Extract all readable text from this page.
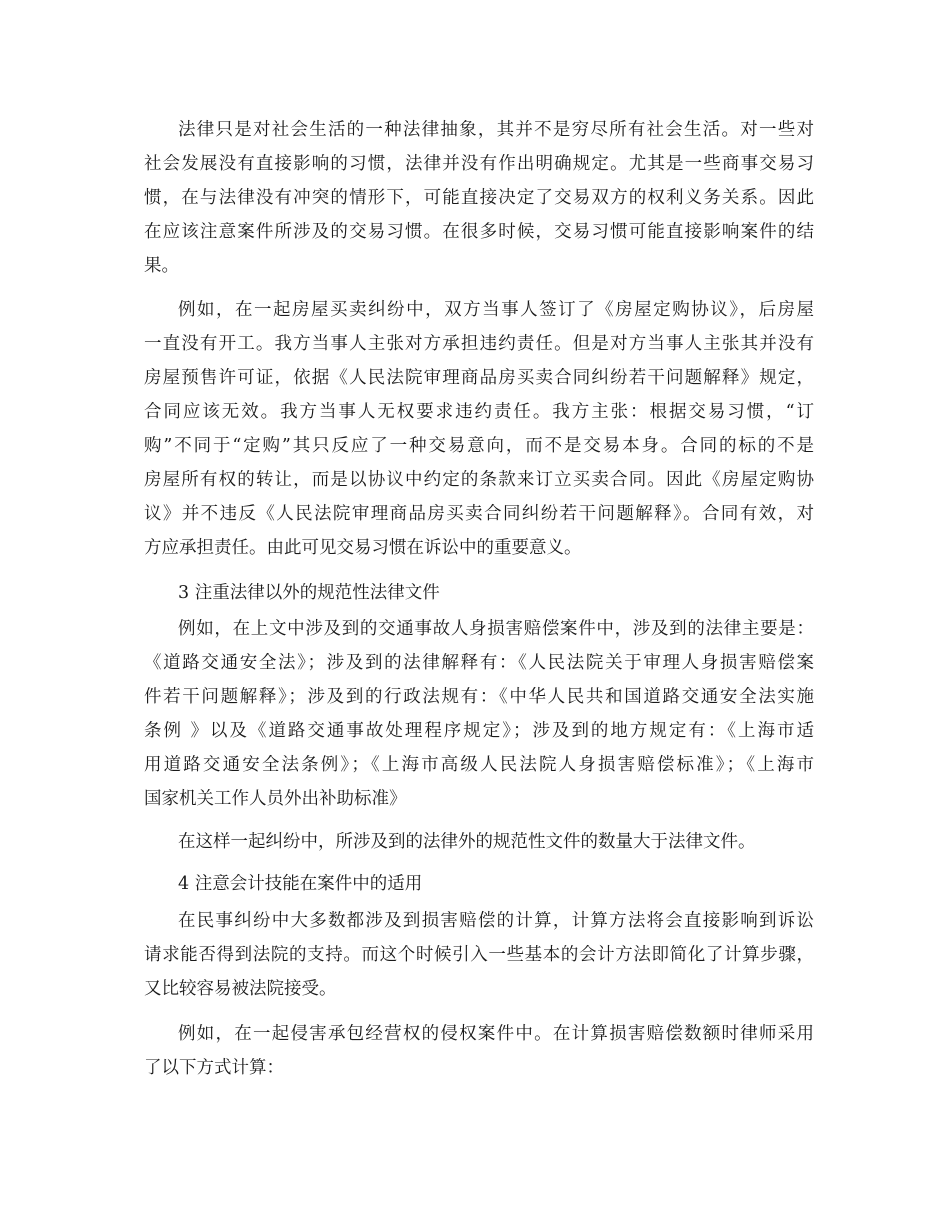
法律只是对社会生活的一种法律抽象，其并不是穷尽所有社会生活。对一些对

社会发展没有直接影响的习惯，法律并没有作出明确规定。尤其是一些商事交易习

惯，在与法律没有冲突的情形下，可能直接决定了交易双方的权利义务关系。因此

在应该注意案件所涉及的交易习惯。在很多时候，交易习惯可能直接影响案件的结

果。

例如，在一起房屋买卖纠纷中，双方当事人签订了《房屋定购协议》，后房屋

一直没有开工。我方当事人主张对方承担违约责任。但是对方当事人主张其并没有

房屋预售许可证，依据《人民法院审理商品房买卖合同纠纷若干问题解释》规定，

合同应该无效。我方当事人无权要求违约责任。我方主张：根据交易习惯，“订

购”不同于“定购”其只反应了一种交易意向，而不是交易本身。合同的标的不是

房屋所有权的转让，而是以协议中约定的条款来订立买卖合同。因此《房屋定购协

议》并不违反《人民法院审理商品房买卖合同纠纷若干问题解释》。合同有效，对

方应承担责任。由此可见交易习惯在诉讼中的重要意义。

3 注重法律以外的规范性法律文件

例如，在上文中涉及到的交通事故人身损害赔偿案件中，涉及到的法律主要是：

《道路交通安全法》；涉及到的法律解释有：《人民法院关于审理人身损害赔偿案

件若干问题解释》；涉及到的行政法规有：《中华人民共和国道路交通安全法实施

条例 》以及《道路交通事故处理程序规定》；涉及到的地方规定有：《上海市适

用道路交通安全法条例》；《上海市高级人民法院人身损害赔偿标准》；《上海市

国家机关工作人员外出补助标准》

在这样一起纠纷中，所涉及到的法律外的规范性文件的数量大于法律文件。

4 注意会计技能在案件中的适用

在民事纠纷中大多数都涉及到损害赔偿的计算，计算方法将会直接影响到诉讼

请求能否得到法院的支持。而这个时候引入一些基本的会计方法即简化了计算步骤，

又比较容易被法院接受。

例如，在一起侵害承包经营权的侵权案件中。在计算损害赔偿数额时律师采用

了以下方式计算：
